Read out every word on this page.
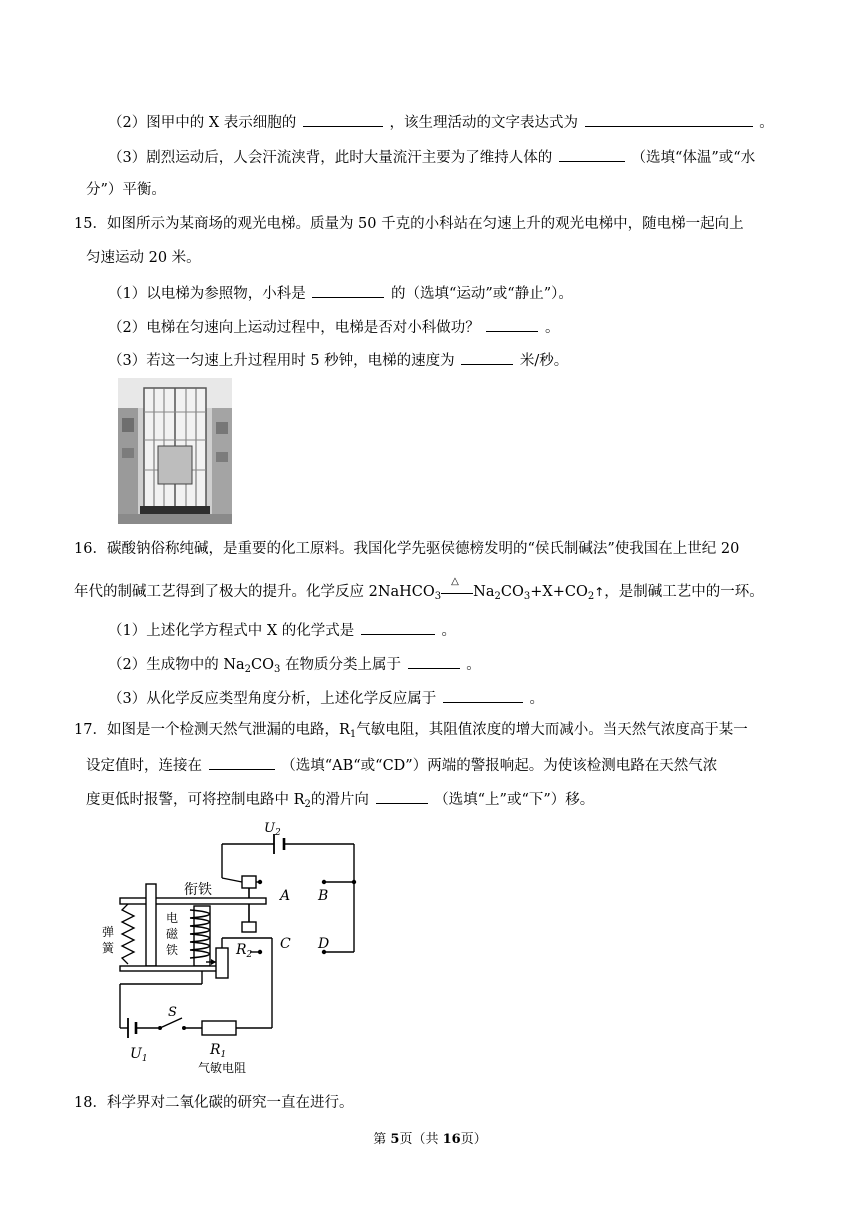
（2）图甲中的 X 表示细胞的	，该生理活动的文字表达式为	。
（3）剧烈运动后，人会汗流浃背，此时大量流汗主要为了维持人体的	（选填“体温”或“水
分”）平衡。
15．如图所示为某商场的观光电梯。质量为 50 千克的小科站在匀速上升的观光电梯中，随电梯一起向上
匀速运动 20 米。
（1）以电梯为参照物，小科是	的（选填“运动”或“静止”）。
（2）电梯在匀速向上运动过程中，电梯是否对小科做功？	。
（3）若这一匀速上升过程用时 5 秒钟，电梯的速度为	米/秒。
16．碳酸钠俗称纯碱，是重要的化工原料。我国化学先驱侯德榜发明的“侯氏制碱法”使我国在上世纪 20
年代的制碱工艺得到了极大的提升。化学反应 2NaHCO$_3$
△
$Na_2CO_3+X+CO_2↑$，是制碱工艺中的一环。
（1）上述化学方程式中 X 的化学式是	。
（2）生成物中的 $Na_2CO_3$ 在物质分类上属于	。
（3）从化学反应类型角度分析，上述化学反应属于	。
17．如图是一个检测天然气泄漏的电路，$R_1$气敏电阻，其阻值浓度的增大而减小。当天然气浓度高于某一
设定值时，连接在	（选填“AB“或“CD”）两端的警报响起。为使该检测电路在天然气浓
度更低时报警，可将控制电路中 $R_2$的滑片向	（选填“上”或“下”）移。
$U_2$
A B
C D
衔铁
弹
簧
电
磁
铁	$R_2$
$U_1$
S
$R_1$
气敏电阻
18．科学界对二氧化碳的研究一直在进行。
第 5页（共 16页）
